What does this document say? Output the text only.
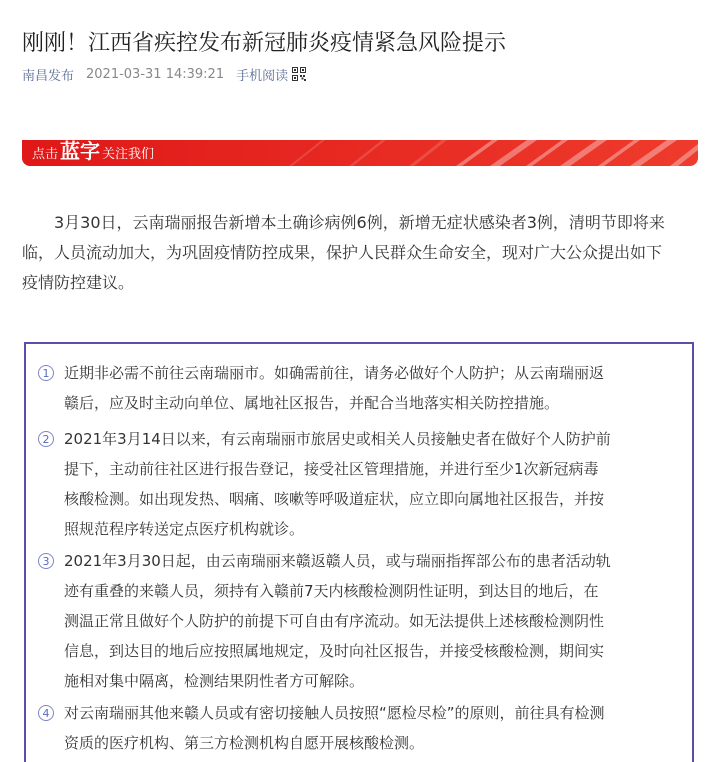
刚刚！江西省疾控发布新冠肺炎疫情紧急风险提示
南昌发布 2021-03-31 14:39:21 手机阅读
点击 蓝字 关注我们
3月30日，云南瑞丽报告新增本土确诊病例6例，新增无症状感染者3例，清明节即将来
临，人员流动加大，为巩固疫情防控成果，保护人民群众生命安全，现对广大公众提出如下
疫情防控建议。
1 近期非必需不前往云南瑞丽市。如确需前往，请务必做好个人防护；从云南瑞丽返
赣后，应及时主动向单位、属地社区报告，并配合当地落实相关防控措施。
2 2021年3月14日以来，有云南瑞丽市旅居史或相关人员接触史者在做好个人防护前
提下，主动前往社区进行报告登记，接受社区管理措施，并进行至少1次新冠病毒
核酸检测。如出现发热、咽痛、咳嗽等呼吸道症状，应立即向属地社区报告，并按
照规范程序转送定点医疗机构就诊。
3 2021年3月30日起，由云南瑞丽来赣返赣人员，或与瑞丽指挥部公布的患者活动轨
迹有重叠的来赣人员，须持有入赣前7天内核酸检测阴性证明，到达目的地后，在
测温正常且做好个人防护的前提下可自由有序流动。如无法提供上述核酸检测阴性
信息，到达目的地后应按照属地规定，及时向社区报告，并接受核酸检测，期间实
施相对集中隔离，检测结果阴性者方可解除。
4 对云南瑞丽其他来赣人员或有密切接触人员按照“愿检尽检”的原则，前往具有检测
资质的医疗机构、第三方检测机构自愿开展核酸检测。
